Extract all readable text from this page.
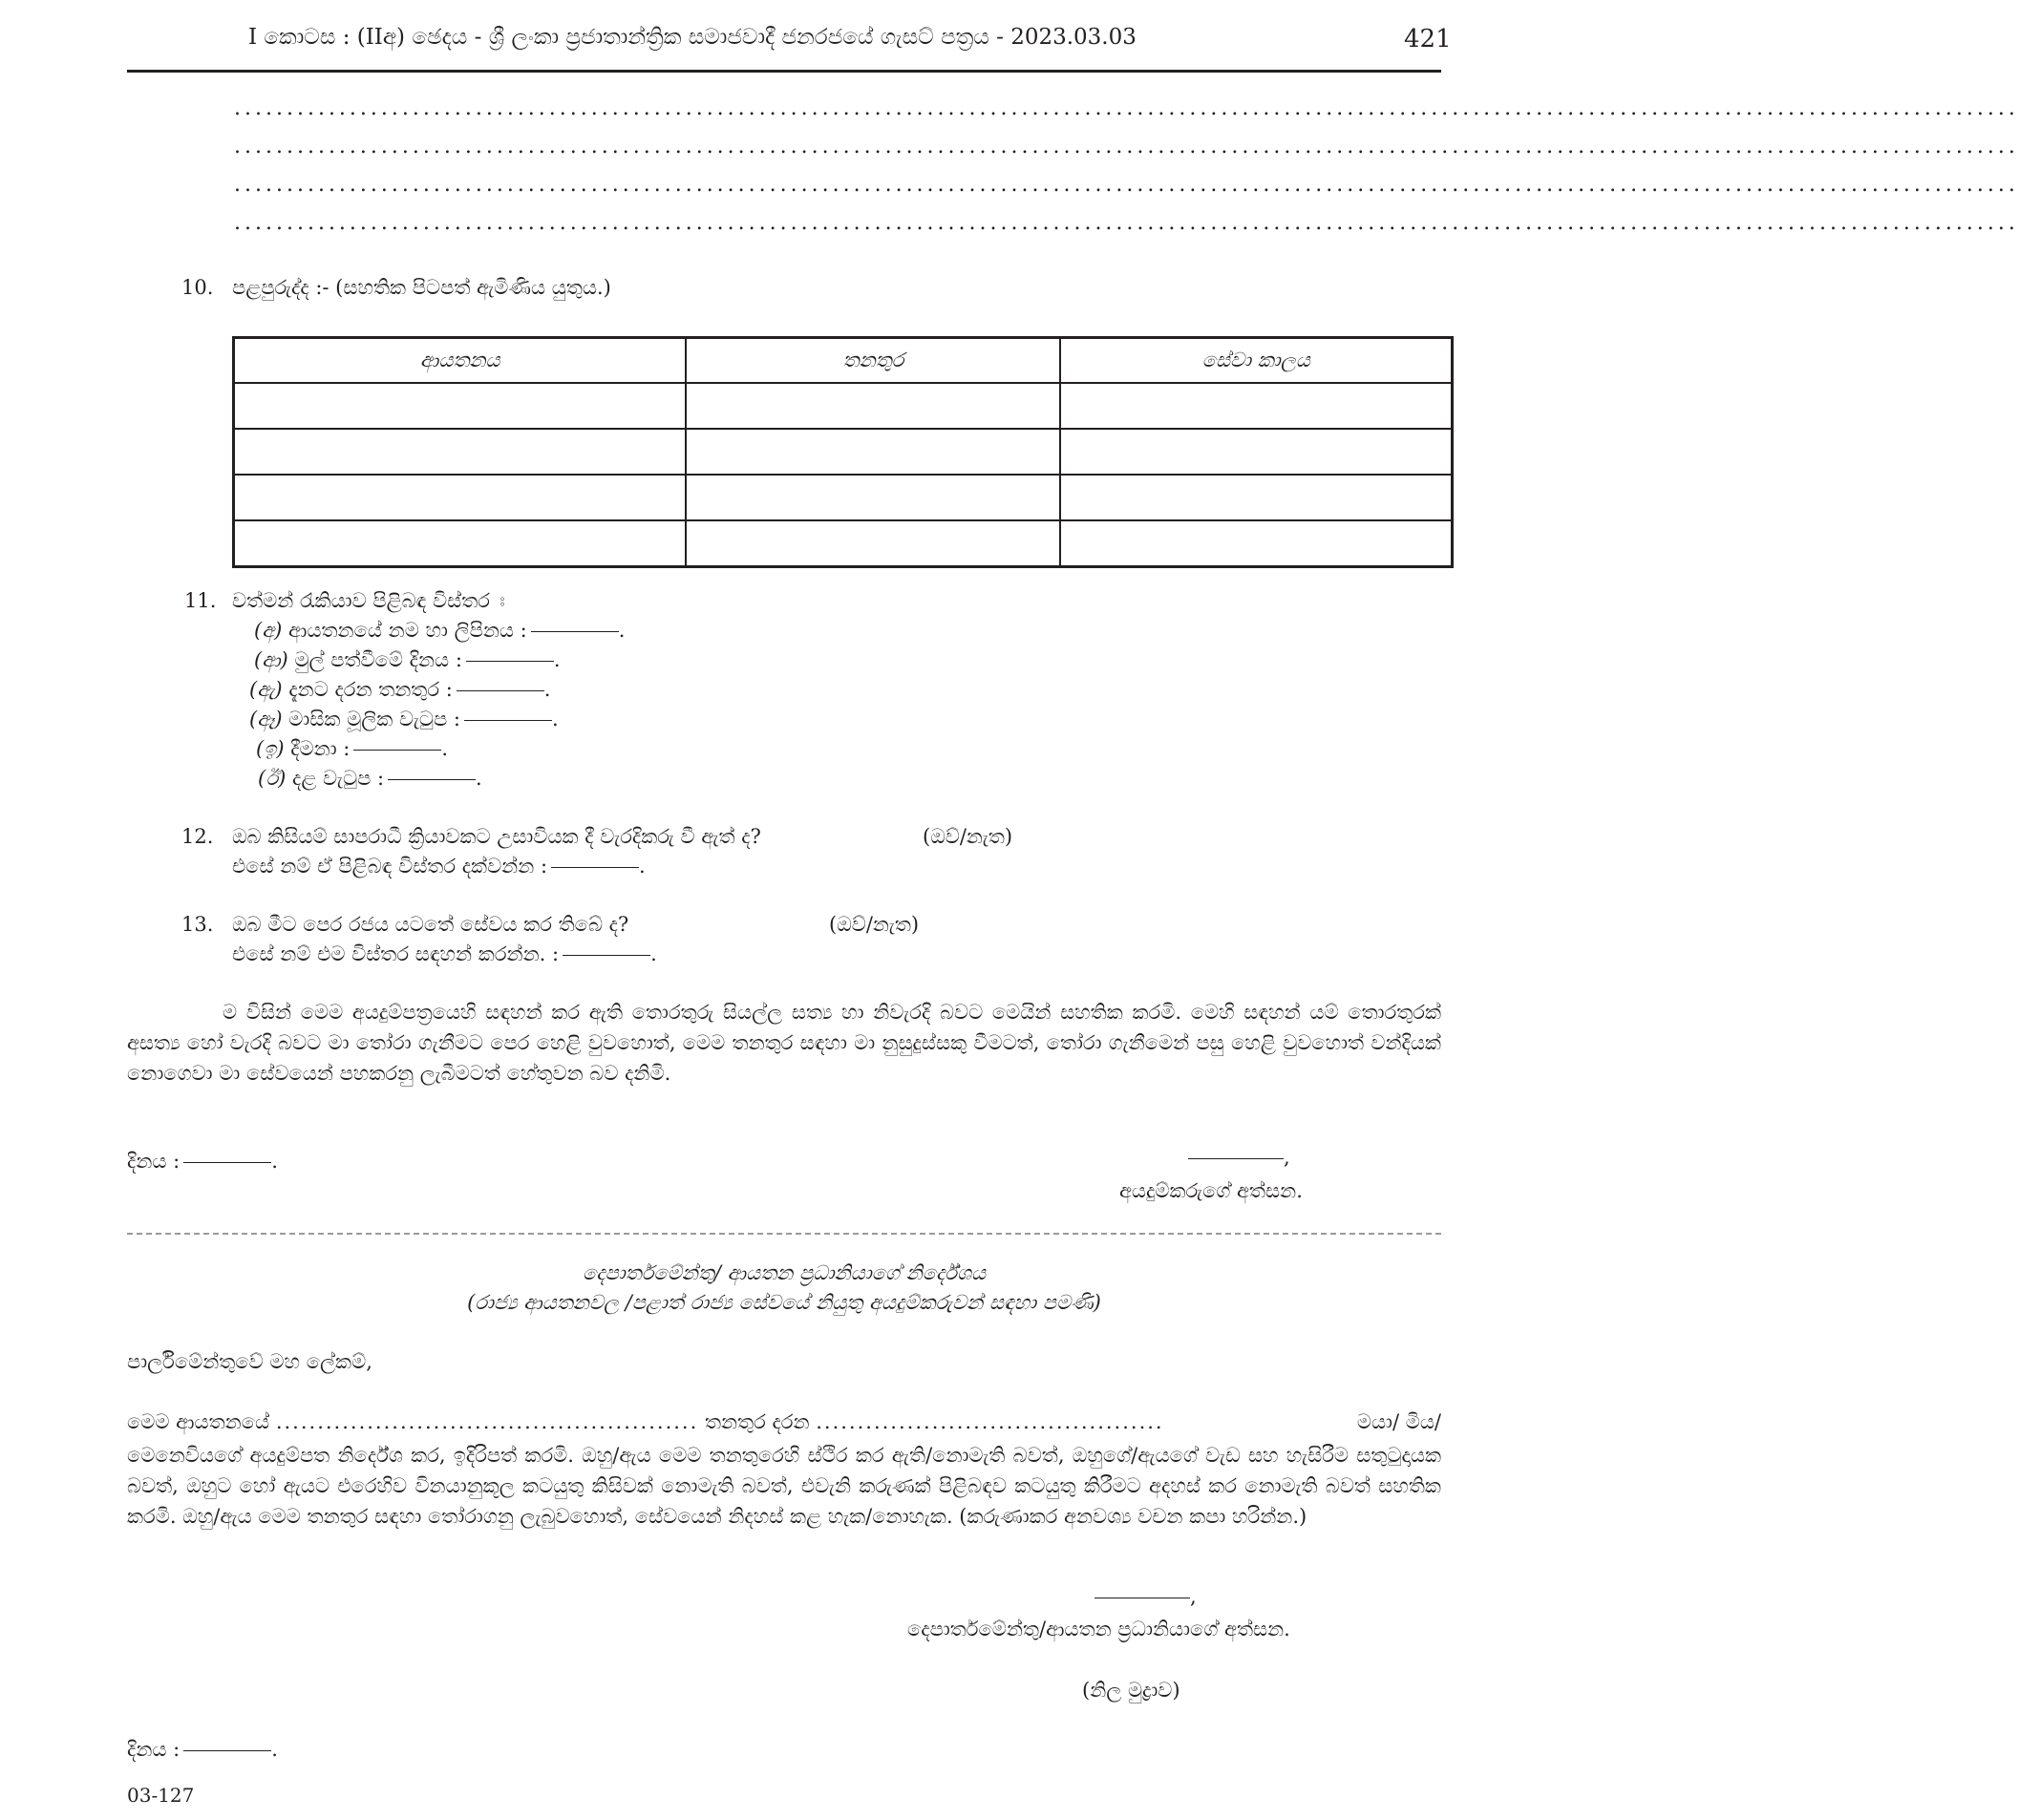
I කොටස : (IIඅ) ඡෙදය - ශ්‍රී ලංකා ප්‍රජාතාන්ත්‍රික සමාජවාදී ජනරජයේ ගැසට් පත්‍රය - 2023.03.03	421
..........................................................................................................................................................................
..........................................................................................................................................................................
..........................................................................................................................................................................
..........................................................................................................................................................................
10. පළපුරුද්ද :- (සහතික පිටපත් ඇමිණිය යුතුය.)
ආයතනය	තනතුර	සේවා කාලය

11. වත්මන් රැකියාව පිළිබඳ විස්තර ඃ
(අ) ආයතනයේ නම හා ලිපිනය :	.
(ආ) මුල් පත්වීමේ දිනය :	.
(ඇ) දැනට දරන තනතුර :	.
(ඈ) මාසික මූලික වැටුප :	.
(ඉ) දීමනා :	.
(ඊ) දළ වැටුප :	.
12. ඔබ කිසියම් සාපරාධී ක්‍රියාවකට උසාවියක දී වැරදිකරු වී ඇත් ද?	(ඔව්/නැත)
එසේ නම් ඒ පිළිබඳ විස්තර දක්වන්න :	.
13. ඔබ මීට පෙර රජය යටතේ සේවය කර තිබේ ද?	(ඔව්/නැත)
එසේ නම් එම විස්තර සඳහන් කරන්න. :	.
ම විසින් මෙම අයදුම්පත්‍රයෙහි සඳහන් කර ඇති තොරතුරු සියල්ල සත්‍ය හා නිවැරදි බවට මෙයින් සහතික කරමි. මෙහි සඳහන් යම් තොරතුරක් අසත්‍ය හෝ වැරදි බවට මා තෝරා ගැනීමට පෙර හෙළි වුවහොත්, මෙම තනතුර සඳහා මා නුසුදුස්සකු වීමටත්, තෝරා ගැනීමෙන් පසු හෙළි වුවහොත් වන්දියක් නොගෙවා මා සේවයෙන් පහකරනු ලැබීමටත් හේතුවන බව දනිමි.
දිනය :	.	,
අයදුම්කරුගේ අත්සන.
දෙපාර්තමේන්තු/ ආයතන ප්‍රධානියාගේ නිර්දේශය
(රාජ්‍ය ආයතනවල /පළාත් රාජ්‍ය සේවයේ නියුතු අයදුම්කරුවන් සඳහා පමණි)
පාර්ලිමේන්තුවේ මහ ලේකම්,
මෙම ආයතනයේ ................................................... තනතුර දරන ..........................................	මයා/ මිය/
මෙනෙවියගේ අයදුම්පත නිර්දේශ කර, ඉදිරිපත් කරමි. ඔහු/ඇය මෙම තනතුරෙහි ස්ථිර කර ඇති/නොමැති බවත්, ඔහුගේ/ඇයගේ වැඩ සහ හැසිරීම සතුටුදායක බවත්, ඔහුට හෝ ඇයට එරෙහිව විනයානුකූල කටයුතු කිසිවක් නොමැති බවත්, එවැනි කරුණක් පිළිබඳව කටයුතු කිරීමට අදහස් කර නොමැති බවත් සහතික කරමි. ඔහු/ඇය මෙම තනතුර සඳහා තෝරාගනු ලැබුවහොත්, සේවයෙන් නිදහස් කළ හැක/නොහැක. (කරුණාකර අනවශ්‍ය වචන කපා හරින්න.)
,
දෙපාර්තමේන්තු/ආයතන ප්‍රධානියාගේ අත්සන.
(නිල මුද්‍රාව)
දිනය :	.
03-127
